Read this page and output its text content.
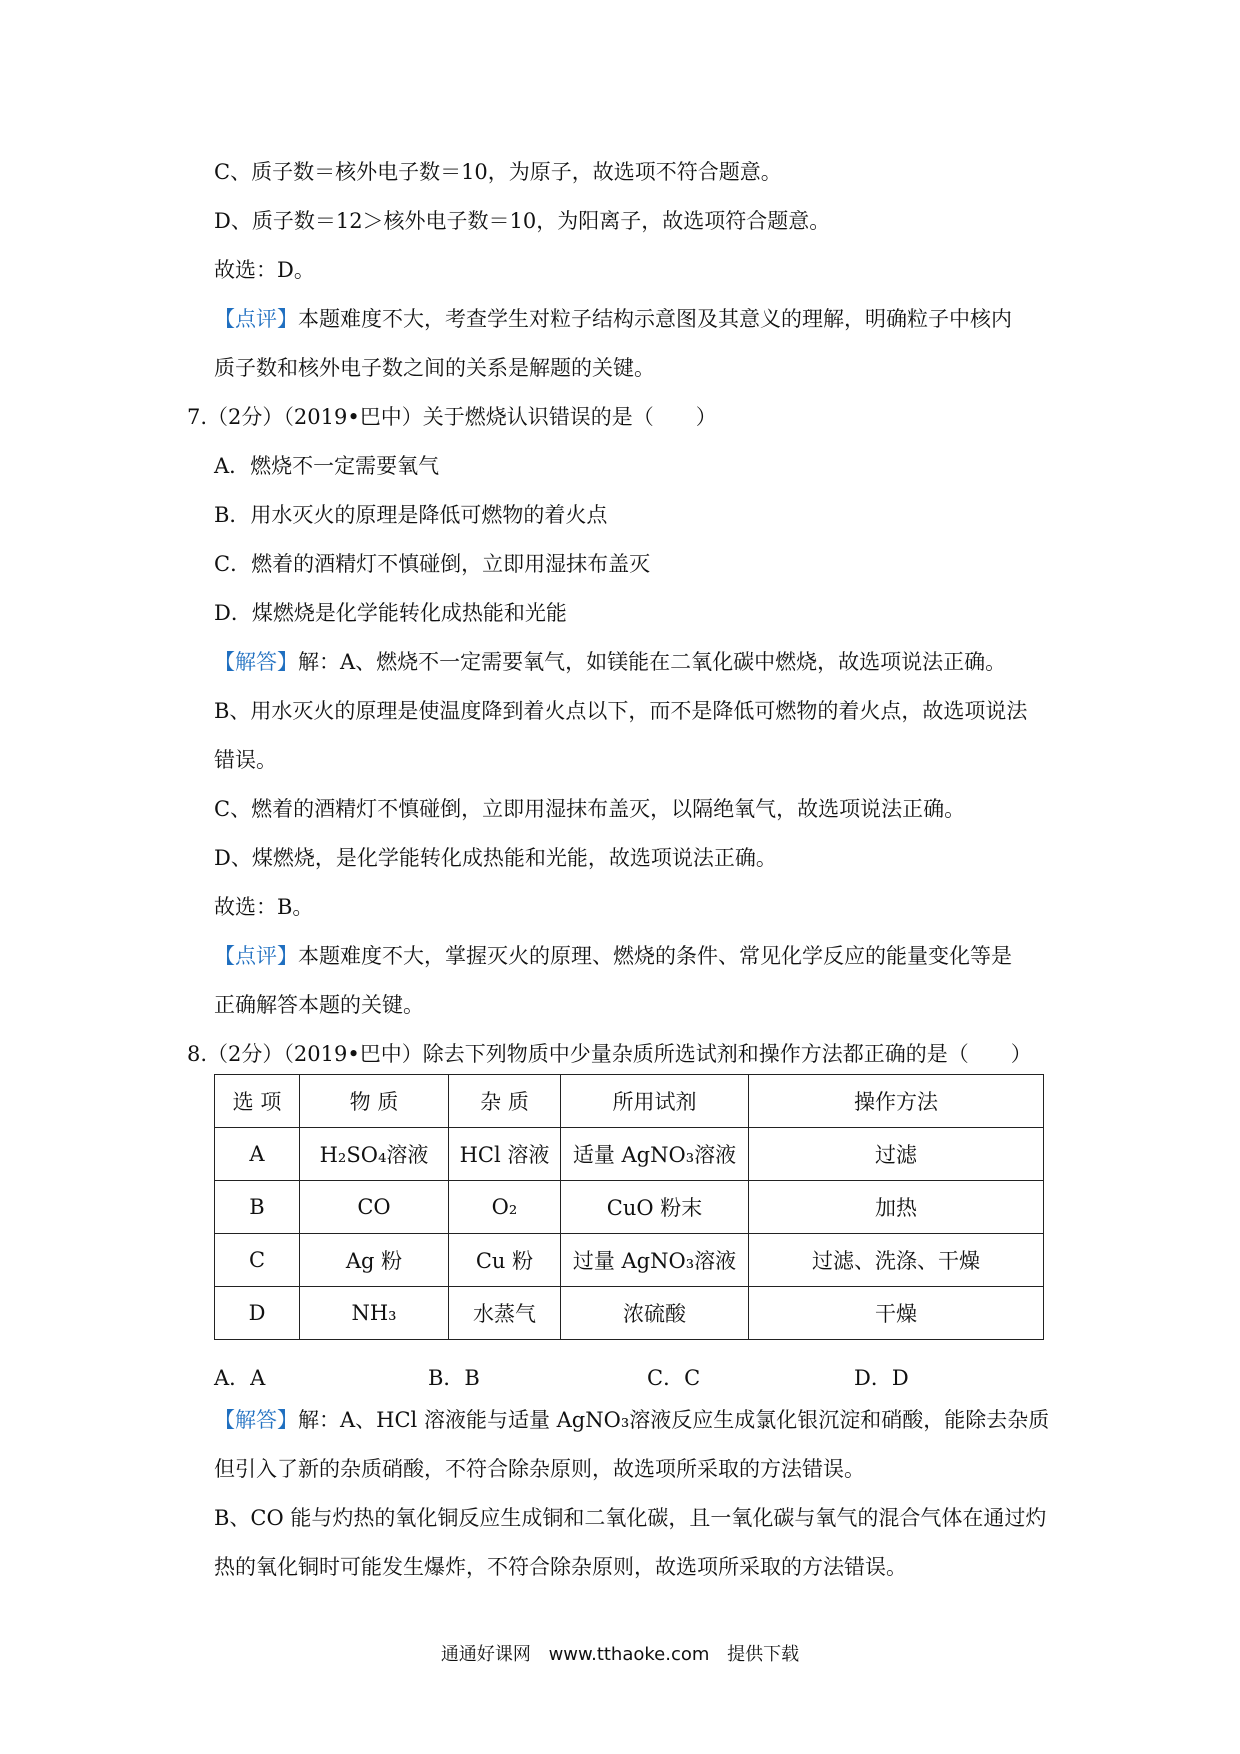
C、质子数＝核外电子数＝10，为原子，故选项不符合题意。
D、质子数＝12＞核外电子数＝10，为阳离子，故选项符合题意。
故选：D。
【点评】本题难度不大，考查学生对粒子结构示意图及其意义的理解，明确粒子中核内
质子数和核外电子数之间的关系是解题的关键。
7.（2分）（2019•巴中）关于燃烧认识错误的是（　　）
A．燃烧不一定需要氧气
B．用水灭火的原理是降低可燃物的着火点
C．燃着的酒精灯不慎碰倒，立即用湿抹布盖灭
D．煤燃烧是化学能转化成热能和光能
【解答】解：A、燃烧不一定需要氧气，如镁能在二氧化碳中燃烧，故选项说法正确。
B、用水灭火的原理是使温度降到着火点以下，而不是降低可燃物的着火点，故选项说法
错误。
C、燃着的酒精灯不慎碰倒，立即用湿抹布盖灭，以隔绝氧气，故选项说法正确。
D、煤燃烧，是化学能转化成热能和光能，故选项说法正确。
故选：B。
【点评】本题难度不大，掌握灭火的原理、燃烧的条件、常见化学反应的能量变化等是
正确解答本题的关键。
8.（2分）（2019•巴中）除去下列物质中少量杂质所选试剂和操作方法都正确的是（　　）
选 项	物 质	杂 质	所用试剂	操作方法
A	H₂SO₄溶液	HCl 溶液	适量 AgNO₃溶液	过滤
B	CO	O₂	CuO 粉末	加热
C	Ag 粉	Cu 粉	过量 AgNO₃溶液	过滤、洗涤、干燥
D	NH₃	水蒸气	浓硫酸	干燥
A．A	B．B	C．C	D．D
【解答】解：A、HCl 溶液能与适量 AgNO₃溶液反应生成氯化银沉淀和硝酸，能除去杂质
但引入了新的杂质硝酸，不符合除杂原则，故选项所采取的方法错误。
B、CO 能与灼热的氧化铜反应生成铜和二氧化碳，且一氧化碳与氧气的混合气体在通过灼
热的氧化铜时可能发生爆炸，不符合除杂原则，故选项所采取的方法错误。
通通好课网 www.tthaoke.com 提供下载
